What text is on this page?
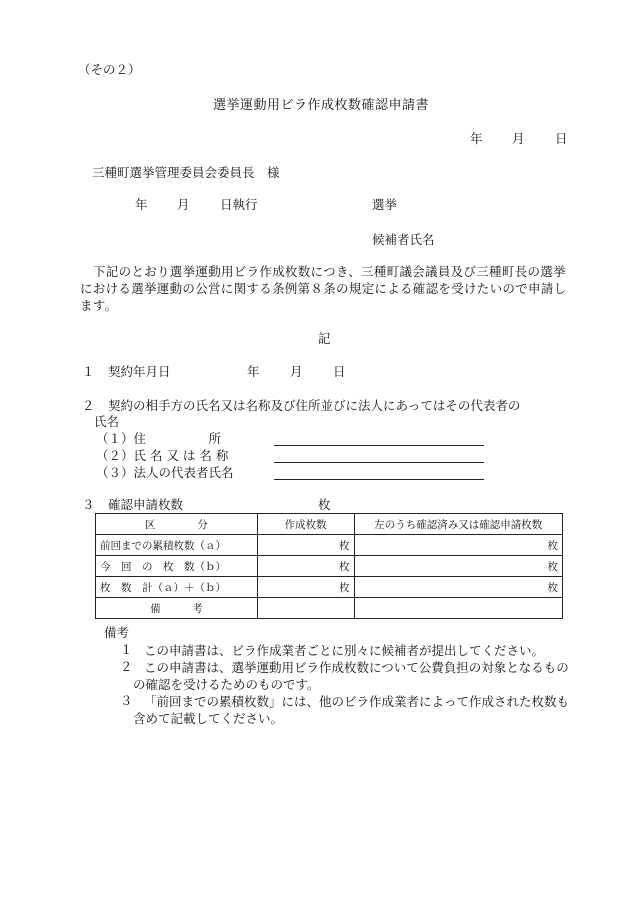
（その２）
選挙運動用ビラ作成枚数確認申請書
年 月 日
三種町選挙管理委員会委員長　様
年 月 日執行	選挙
候補者氏名
下記のとおり選挙運動用ビラ作成枚数につき、三種町議会議員及び三種町長の選挙における選挙運動の公営に関する条例第８条の規定による確認を受けたいので申請します。
記
１ 契約年月日	年 月 日
２ 契約の相手方の氏名又は名称及び住所並びに法人にあってはその代表者の
氏名
（１）住　　　　　所
（２）氏 名 又 は 名 称
（３）法人の代表者氏名
３ 確認申請枚数	枚
区　　　　分	作成枚数	左のうち確認済み又は確認申請枚数
前回までの累積枚数（ａ）	枚	枚
今　回　の　枚　数（ｂ）	枚	枚
枚　数　計（ａ）＋（ｂ）	枚	枚
備　　　考		
備考
１ この申請書は、ビラ作成業者ごとに別々に候補者が提出してください。
２ この申請書は、選挙運動用ビラ作成枚数について公費負担の対象となるものの確認を受けるためのものです。
３ 「前回までの累積枚数」には、他のビラ作成業者によって作成された枚数も含めて記載してください。
